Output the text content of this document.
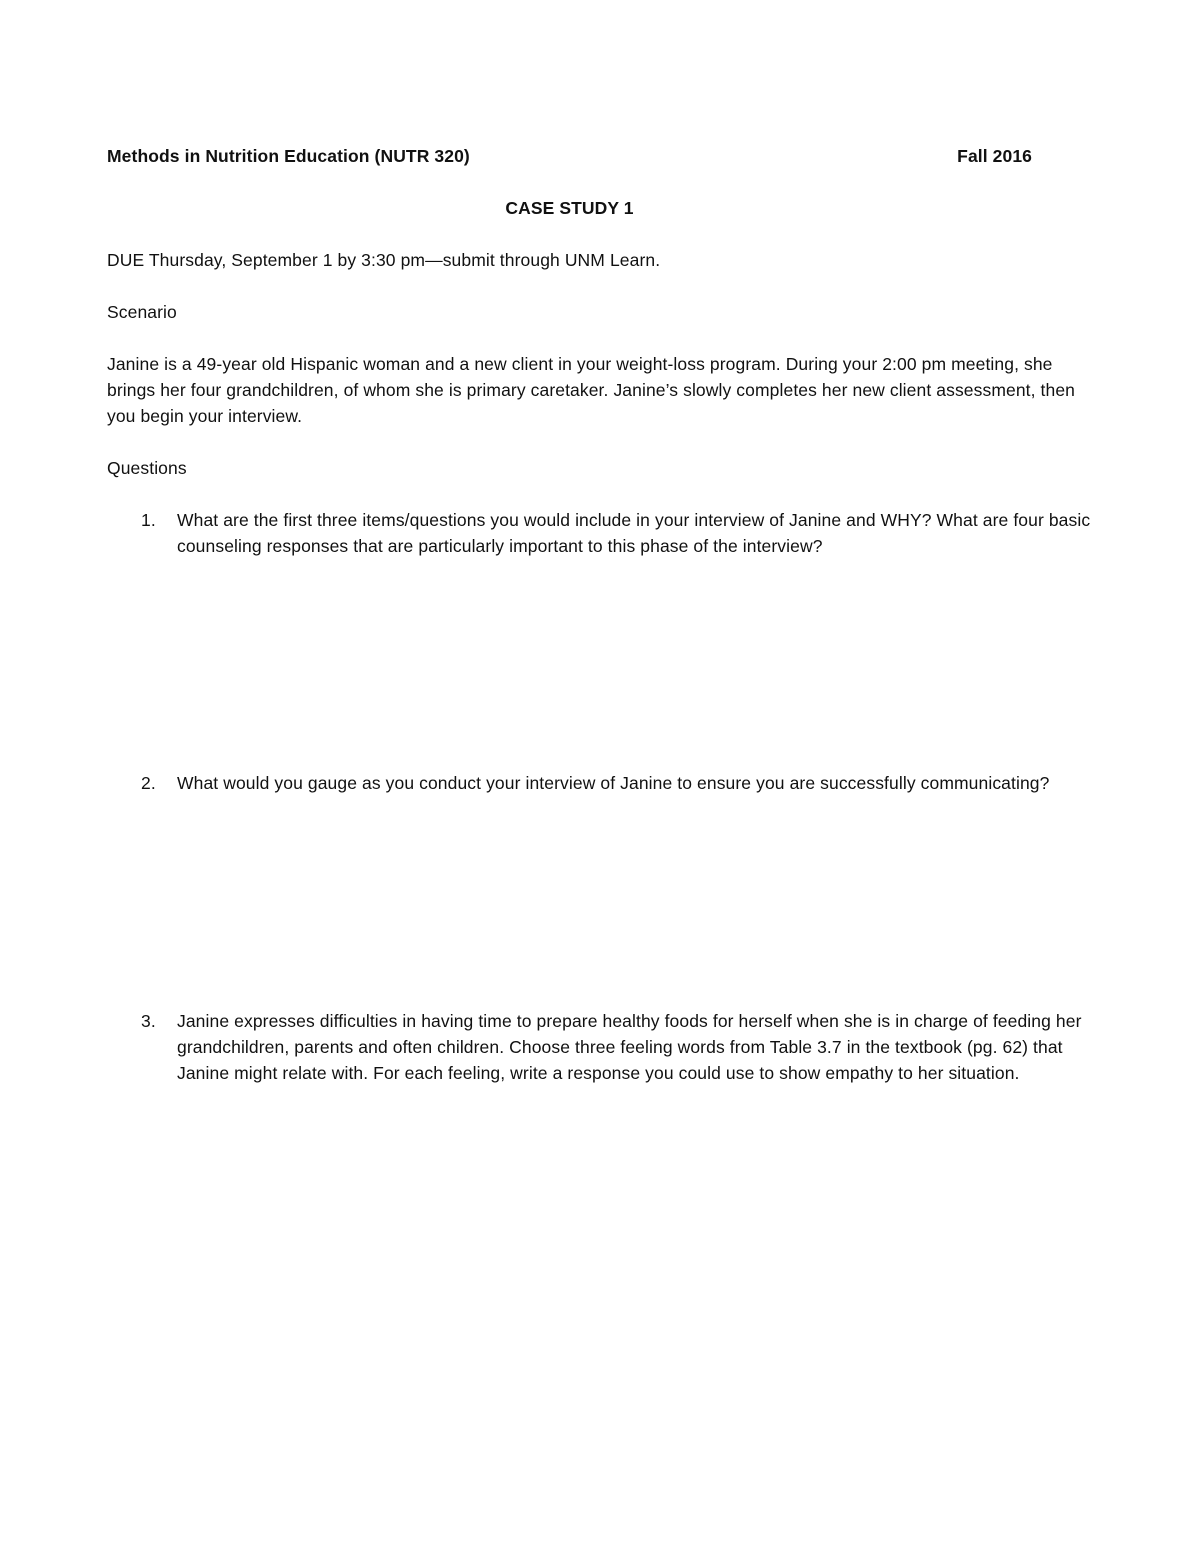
Methods in Nutrition Education (NUTR 320)	Fall 2016
CASE STUDY 1

DUE Thursday, September 1 by 3:30 pm—submit through UNM Learn.

Scenario

Janine is a 49-year old Hispanic woman and a new client in your weight-loss program. During your 2:00 pm meeting, she brings her four grandchildren, of whom she is primary caretaker. Janine’s slowly completes her new client assessment, then you begin your interview.

Questions

1. What are the first three items/questions you would include in your interview of Janine and WHY? What are four basic counseling responses that are particularly important to this phase of the interview?
2. What would you gauge as you conduct your interview of Janine to ensure you are successfully communicating?
3. Janine expresses difficulties in having time to prepare healthy foods for herself when she is in charge of feeding her grandchildren, parents and often children. Choose three feeling words from Table 3.7 in the textbook (pg. 62) that Janine might relate with. For each feeling, write a response you could use to show empathy to her situation.
